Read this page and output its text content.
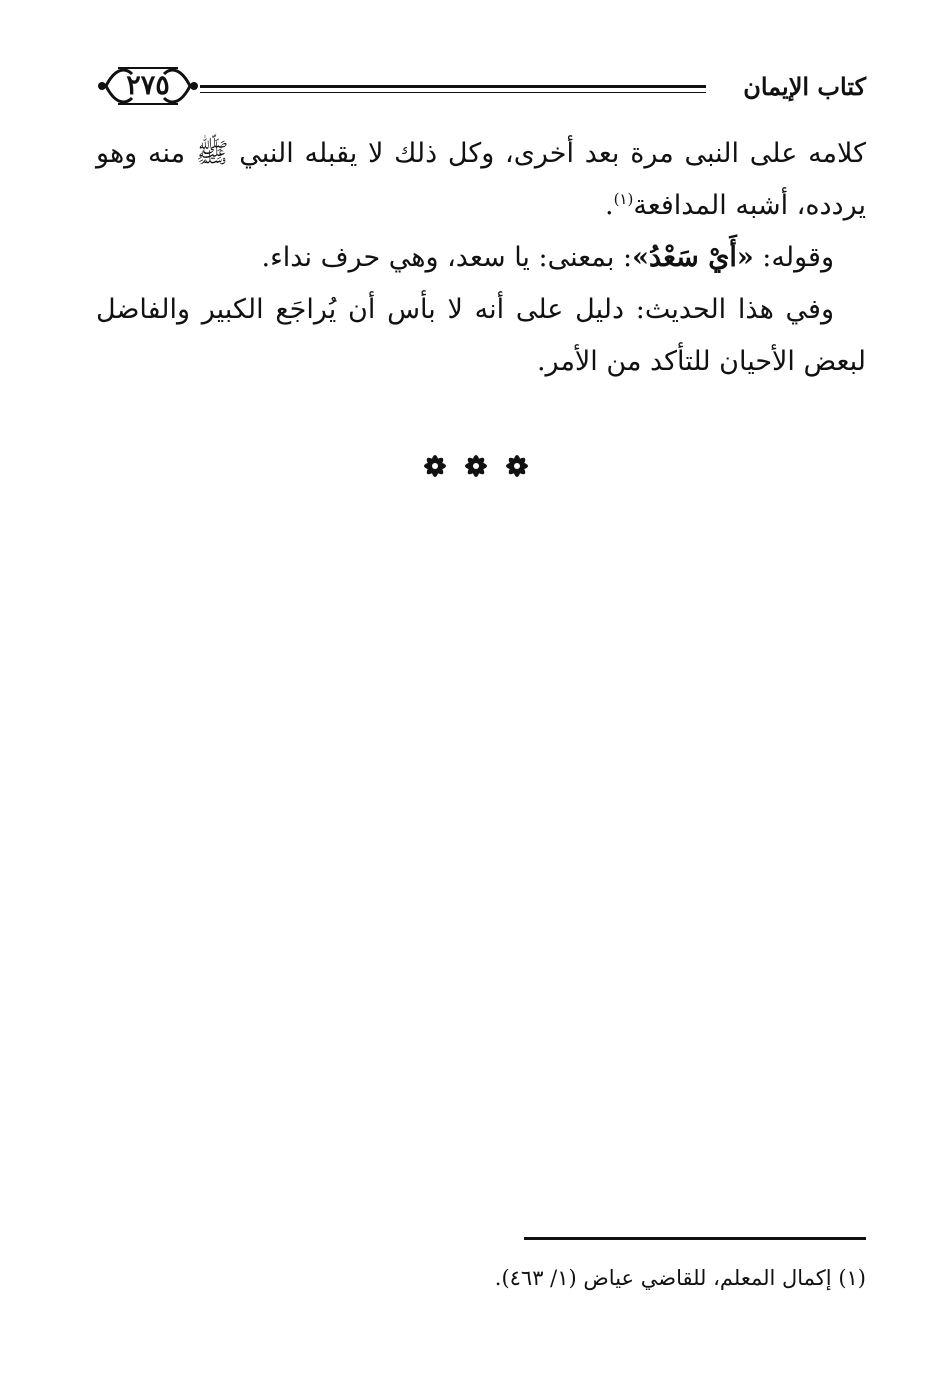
كتاب الإيمان
٢٧٥

كلامه على النبى مرة بعد أخرى، وكل ذلك لا يقبله النبي ﷺ منه وهو يردده، أشبه المدافعة$^{(١)}$.

وقوله: «أَيْ سَعْدُ»: بمعنى: يا سعد، وهي حرف نداء.

وفي هذا الحديث: دليل على أنه لا بأس أن يُراجَع الكبير والفاضل لبعض الأحيان للتأكد من الأمر.

(١) إكمال المعلم، للقاضي عياض (١/ ٤٦٣).
